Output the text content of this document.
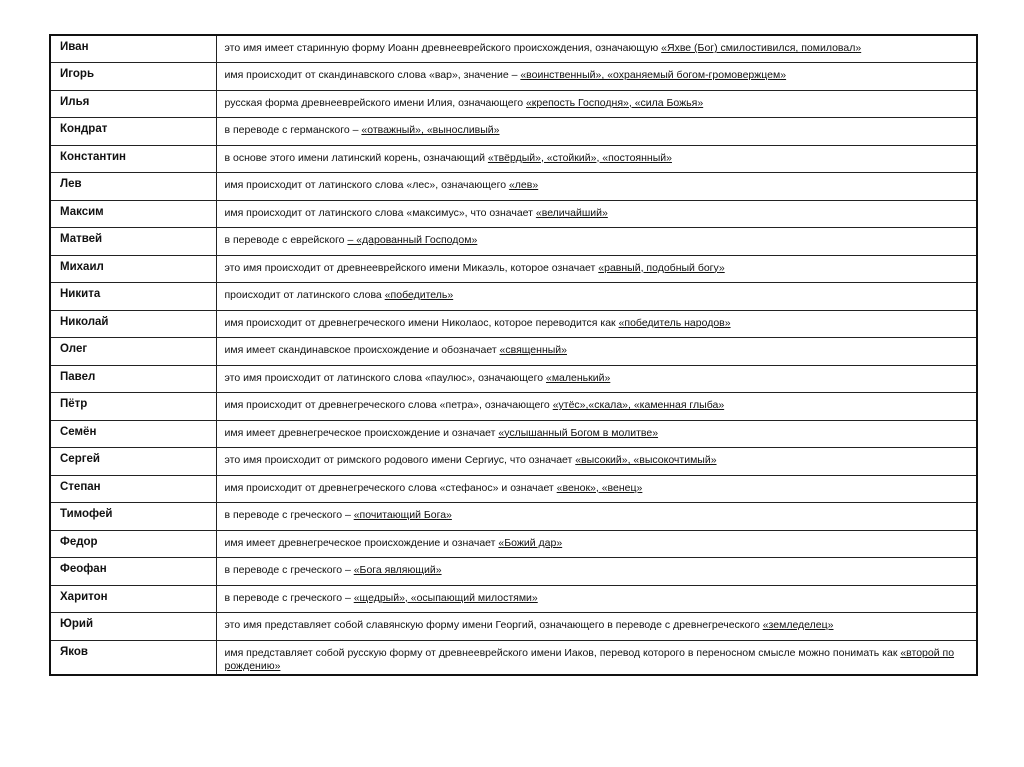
Иван	это имя имеет старинную форму Иоанн древнееврейского происхождения, означающую «Яхве (Бог) смилостивился, помиловал»
Игорь	имя происходит от скандинавского слова «вар», значение – «воинственный», «охраняемый богом-громовержцем»
Илья	русская форма древнееврейского имени Илия, означающего «крепость Господня», «сила Божья»
Кондрат	в переводе с германского – «отважный», «выносливый»
Константин	в основе этого имени латинский корень, означающий «твёрдый», «стойкий», «постоянный»
Лев	имя происходит от латинского слова «лес», означающего «лев»
Максим	имя происходит от латинского слова «максимус», что означает «величайший»
Матвей	в переводе с еврейского – «дарованный Господом»
Михаил	это имя происходит от древнееврейского имени Микаэль, которое означает «равный, подобный богу»
Никита	происходит от латинского слова «победитель»
Николай	имя происходит от древнегреческого имени Николаос, которое переводится как «победитель народов»
Олег	имя имеет скандинавское происхождение и обозначает «священный»
Павел	это имя происходит от латинского слова «паулюс», означающего «маленький»
Пётр	имя происходит от древнегреческого слова «петра», означающего «утёс»,«скала», «каменная глыба»
Семён	имя имеет древнегреческое происхождение и означает «услышанный Богом в молитве»
Сергей	это имя происходит от римского родового имени Сергиус, что означает «высокий», «высокочтимый»
Степан	имя происходит от древнегреческого слова «стефанос» и означает «венок», «венец»
Тимофей	в переводе с греческого – «почитающий Бога»
Федор	имя имеет древнегреческое происхождение и означает «Божий дар»
Феофан	в переводе с греческого – «Бога являющий»
Харитон	в переводе с греческого – «щедрый», «осыпающий милостями»
Юрий	это имя представляет собой славянскую форму имени Георгий, означающего в переводе с древнегреческого «земледелец»
Яков	имя представляет собой русскую форму от древнееврейского имени Иаков, перевод которого в переносном смысле можно понимать как «второй по рождению»
